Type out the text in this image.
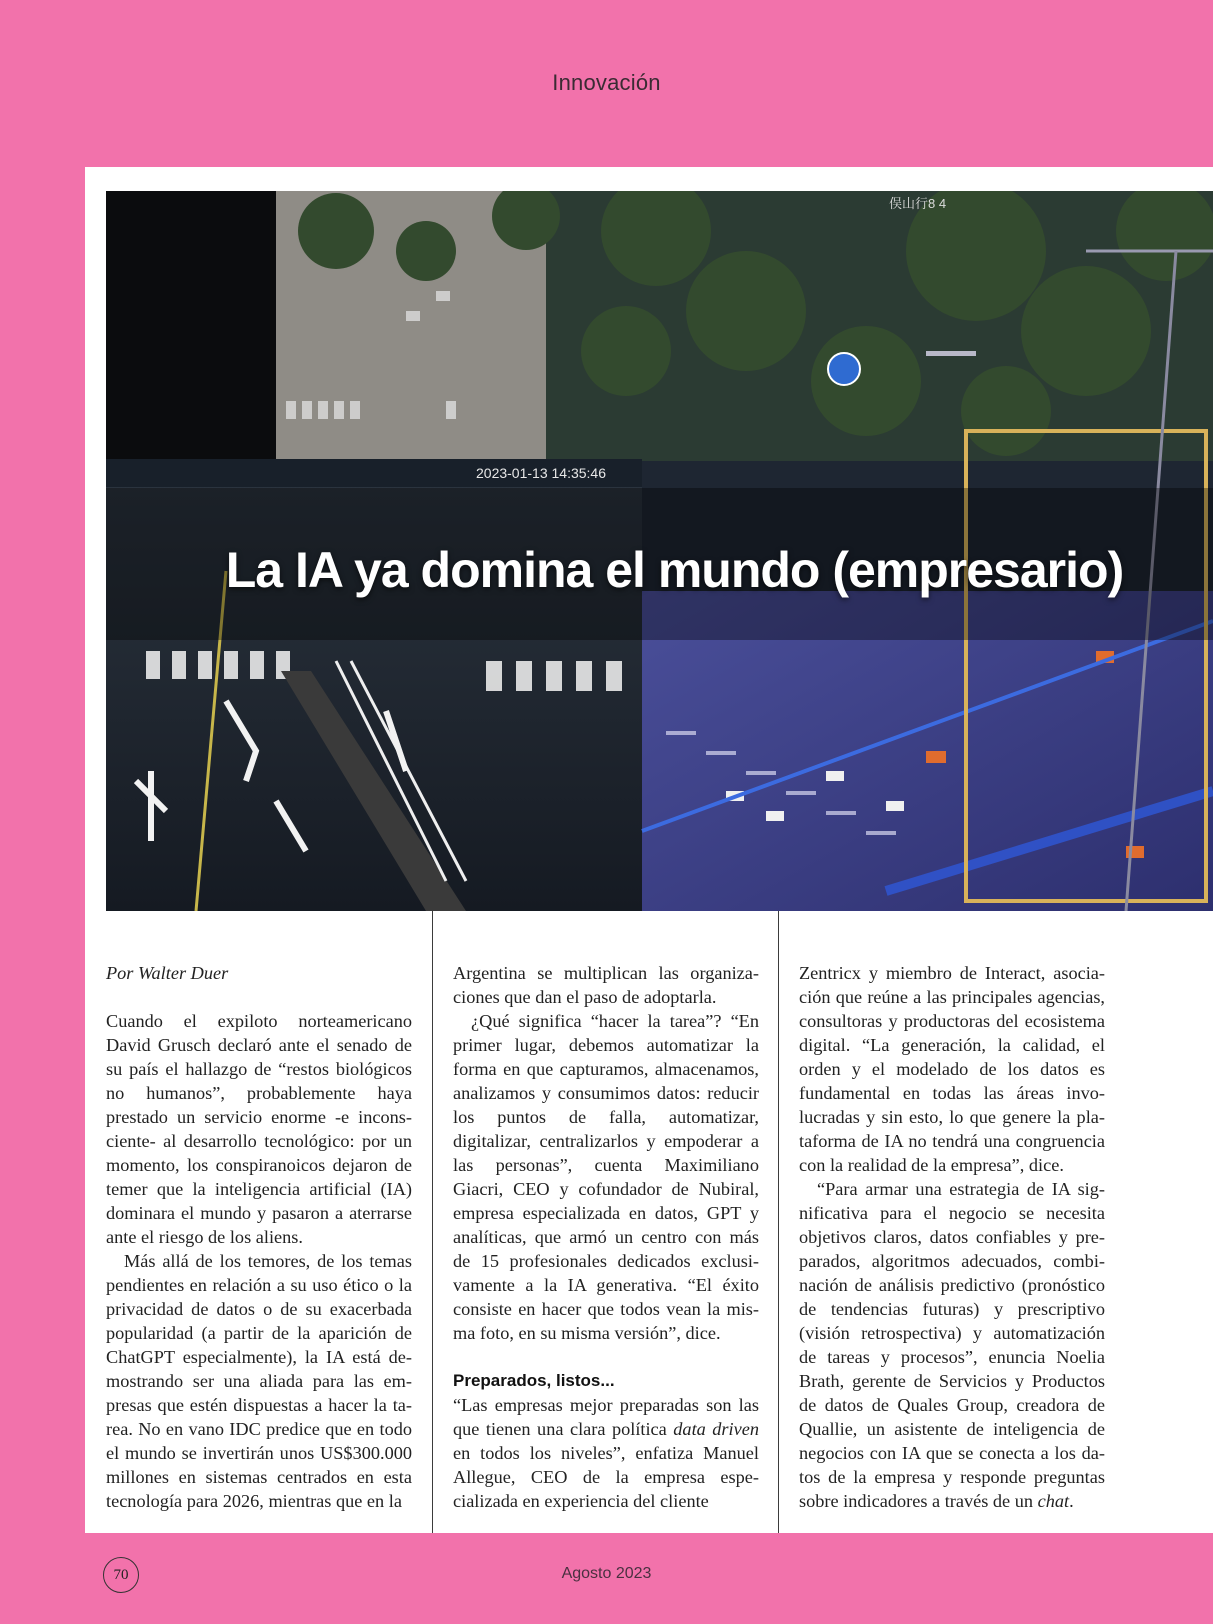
Innovación
俣山行8 4
2023-01-13 14:35:46
La IA ya domina el mundo (empresario)

Por Walter Duer

Cuando el expiloto norteamericano David Grusch declaró ante el senado de su país el hallazgo de “restos biológicos no humanos”, probablemente haya prestado un servicio enorme -e inconsciente- al desarrollo tecnológico: por un momento, los conspiranoicos dejaron de temer que la inteligencia artificial (IA) dominara el mundo y pasaron a aterrarse ante el riesgo de los aliens.

Más allá de los temores, de los temas pendientes en relación a su uso ético o la privacidad de datos o de su exacerbada popularidad (a partir de la aparición de ChatGPT especialmente), la IA está demostrando ser una aliada para las empresas que estén dispuestas a hacer la tarea. No en vano IDC predice que en todo el mundo se invertirán unos US$300.000 millones en sistemas centrados en esta tecnología para 2026, mientras que en la

Argentina se multiplican las organizaciones que dan el paso de adoptarla.

¿Qué significa “hacer la tarea”? “En primer lugar, debemos automatizar la forma en que capturamos, almacenamos, analizamos y consumimos datos: reducir los puntos de falla, automatizar, digitalizar, centralizarlos y empoderar a las personas”, cuenta Maximiliano Giacri, CEO y cofundador de Nubiral, empresa especializada en datos, GPT y analíticas, que armó un centro con más de 15 profesionales dedicados exclusivamente a la IA generativa. “El éxito consiste en hacer que todos vean la misma foto, en su misma versión”, dice.

Preparados, listos...

“Las empresas mejor preparadas son las que tienen una clara política data driven en todos los niveles”, enfatiza Manuel Allegue, CEO de la empresa especializada en experiencia del cliente

Zentricx y miembro de Interact, asociación que reúne a las principales agencias, consultoras y productoras del ecosistema digital. “La generación, la calidad, el orden y el modelado de los datos es fundamental en todas las áreas involucradas y sin esto, lo que genere la plataforma de IA no tendrá una congruencia con la realidad de la empresa”, dice.

“Para armar una estrategia de IA significativa para el negocio se necesita objetivos claros, datos confiables y preparados, algoritmos adecuados, combinación de análisis predictivo (pronóstico de tendencias futuras) y prescriptivo (visión retrospectiva) y automatización de tareas y procesos”, enuncia Noelia Brath, gerente de Servicios y Productos de datos de Quales Group, creadora de Quallie, un asistente de inteligencia de negocios con IA que se conecta a los datos de la empresa y responde preguntas sobre indicadores a través de un chat.

70	Agosto 2023
